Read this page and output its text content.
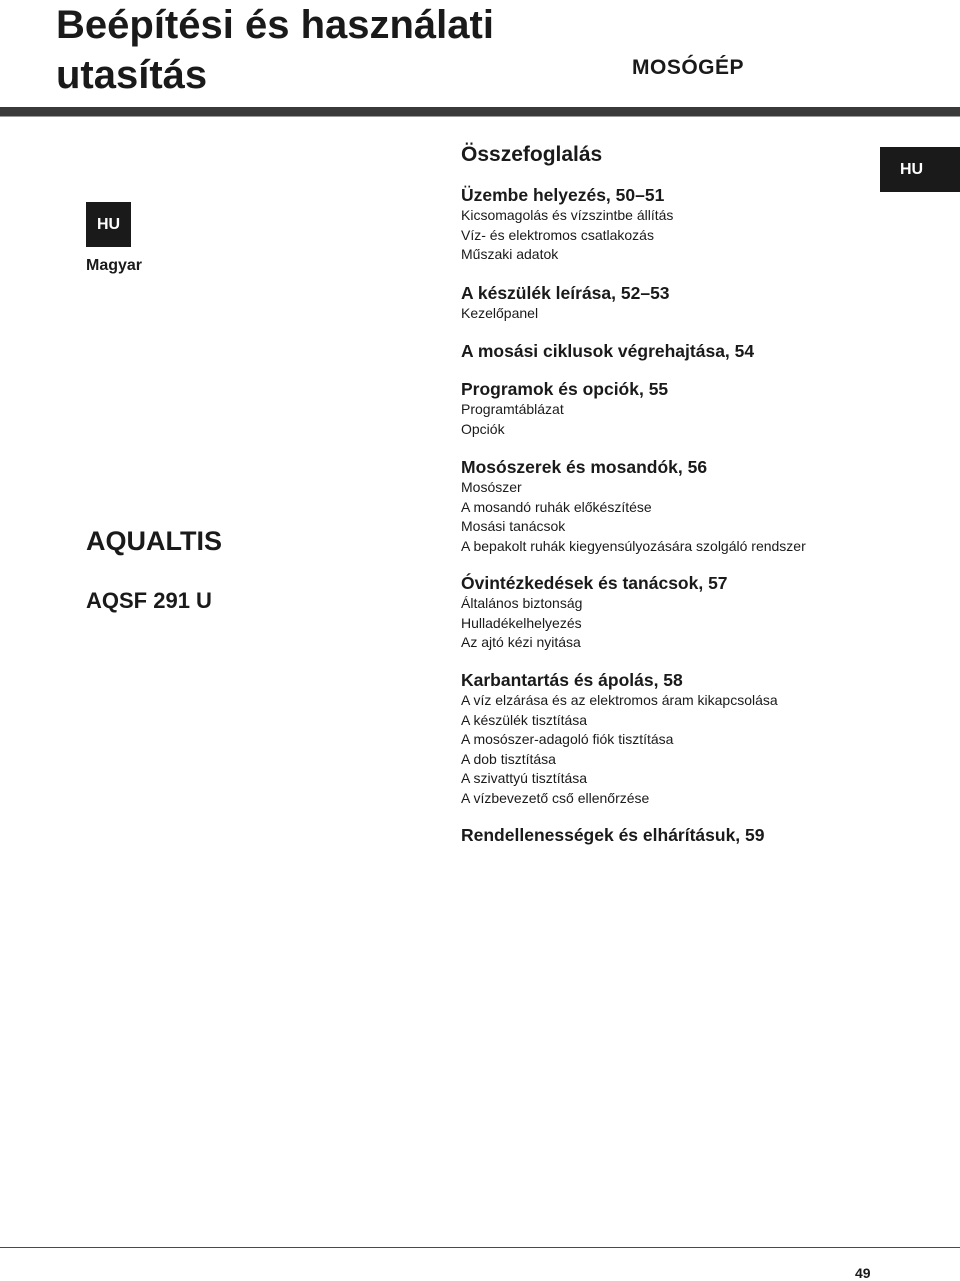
Beépítési és használati
utasítás	MOSÓGÉP
HU
Magyar
HU
AQUALTIS
AQSF 291 U
Összefoglalás
Üzembe helyezés, 50–51
Kicsomagolás és vízszintbe állítás
Víz- és elektromos csatlakozás
Műszaki adatok
A készülék leírása, 52–53
Kezelőpanel
A mosási ciklusok végrehajtása, 54
Programok és opciók, 55
Programtáblázat
Opciók
Mosószerek és mosandók, 56
Mosószer
A mosandó ruhák előkészítése
Mosási tanácsok
A bepakolt ruhák kiegyensúlyozására szolgáló rendszer
Óvintézkedések és tanácsok, 57
Általános biztonság
Hulladékelhelyezés
Az ajtó kézi nyitása
Karbantartás és ápolás, 58
A víz elzárása és az elektromos áram kikapcsolása
A készülék tisztítása
A mosószer-adagoló fiók tisztítása
A dob tisztítása
A szivattyú tisztítása
A vízbevezető cső ellenőrzése
Rendellenességek és elhárításuk, 59
49
